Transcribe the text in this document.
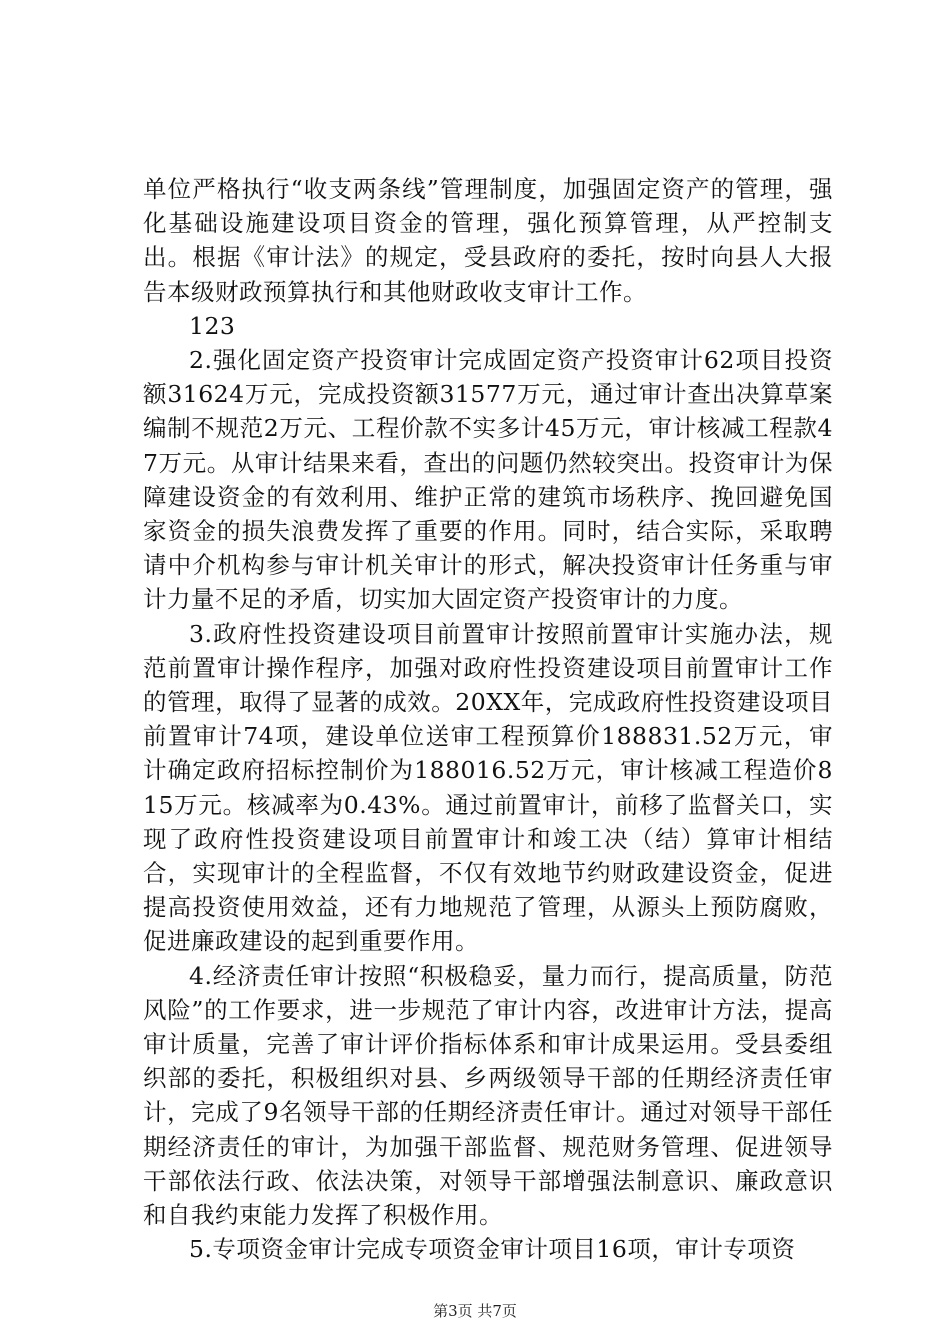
单位严格执行“收支两条线”管理制度，加强固定资产的管理，强化基础设施建设项目资金的管理，强化预算管理，从严控制支出。根据《审计法》的规定，受县政府的委托，按时向县人大报告本级财政预算执行和其他财政收支审计工作。

123

2.强化固定资产投资审计完成固定资产投资审计62项目投资额31624万元，完成投资额31577万元，通过审计查出决算草案编制不规范2万元、工程价款不实多计45万元，审计核减工程款47万元。从审计结果来看，查出的问题仍然较突出。投资审计为保障建设资金的有效利用、维护正常的建筑市场秩序、挽回避免国家资金的损失浪费发挥了重要的作用。同时，结合实际，采取聘请中介机构参与审计机关审计的形式，解决投资审计任务重与审计力量不足的矛盾，切实加大固定资产投资审计的力度。

3.政府性投资建设项目前置审计按照前置审计实施办法，规范前置审计操作程序，加强对政府性投资建设项目前置审计工作的管理，取得了显著的成效。20XX年，完成政府性投资建设项目前置审计74项，建设单位送审工程预算价188831.52万元，审计确定政府招标控制价为188016.52万元，审计核减工程造价815万元。核减率为0.43%。通过前置审计，前移了监督关口，实现了政府性投资建设项目前置审计和竣工决（结）算审计相结合，实现审计的全程监督，不仅有效地节约财政建设资金，促进提高投资使用效益，还有力地规范了管理，从源头上预防腐败，促进廉政建设的起到重要作用。

4.经济责任审计按照“积极稳妥，量力而行，提高质量，防范风险”的工作要求，进一步规范了审计内容，改进审计方法，提高审计质量，完善了审计评价指标体系和审计成果运用。受县委组织部的委托，积极组织对县、乡两级领导干部的任期经济责任审计，完成了9名领导干部的任期经济责任审计。通过对领导干部任期经济责任的审计，为加强干部监督、规范财务管理、促进领导干部依法行政、依法决策，对领导干部增强法制意识、廉政意识和自我约束能力发挥了积极作用。

5.专项资金审计完成专项资金审计项目16项，审计专项资

第3页 共7页
